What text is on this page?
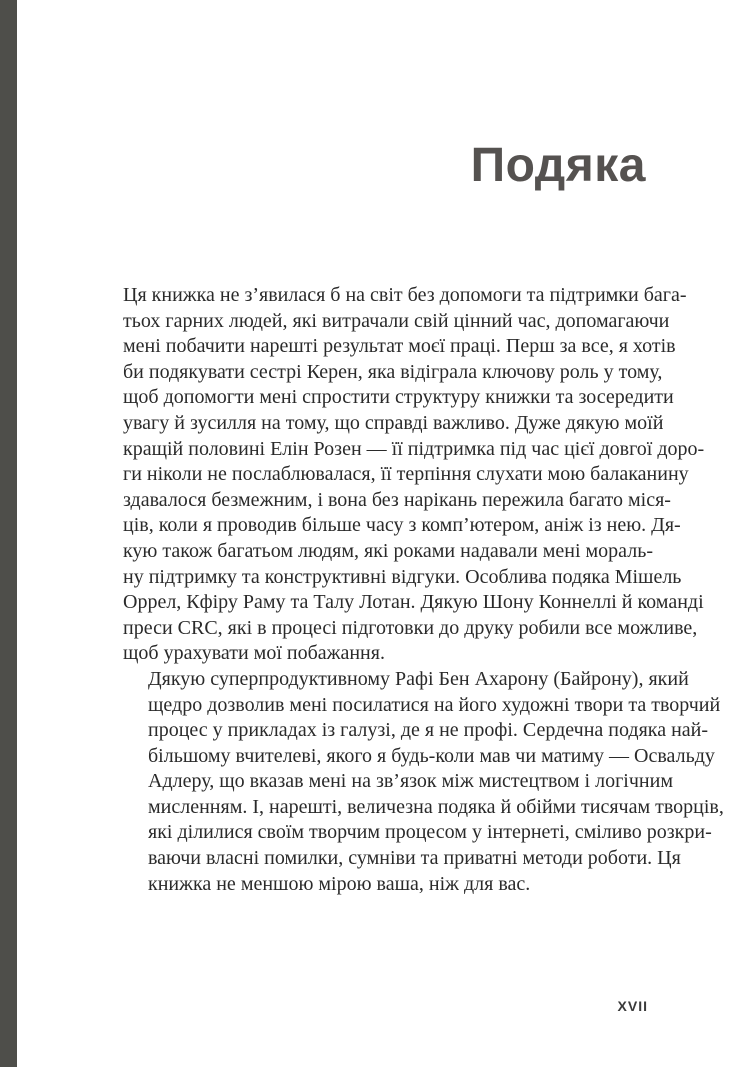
Подяка

Ця книжка не з’явилася б на світ без допомоги та підтримки бага-
тьох гарних людей, які витрачали свій цінний час, допомагаючи
мені побачити нарешті результат моєї праці. Перш за все, я хотів
би подякувати сестрі Керен, яка відіграла ключову роль у тому,
щоб допомогти мені спростити структуру книжки та зосередити
увагу й зусилля на тому, що справді важливо. Дуже дякую моїй
кращій половині Елін Розен — її підтримка під час цієї довгої доро-
ги ніколи не послаблювалася, її терпіння слухати мою балаканину
здавалося безмежним, і вона без нарікань пережила багато міся-
ців, коли я проводив більше часу з комп’ютером, аніж із нею. Дя-
кую також багатьом людям, які роками надавали мені мораль-
ну підтримку та конструктивні відгуки. Особлива подяка Мішель
Оррел, Кфіру Раму та Талу Лотан. Дякую Шону Коннеллі й команді
преси CRC, які в процесі підготовки до друку робили все можливе,
щоб урахувати мої побажання.

Дякую суперпродуктивному Рафі Бен Ахарону (Байрону), який
щедро дозволив мені посилатися на його художні твори та творчий
процес у прикладах із галузі, де я не профі. Сердечна подяка най-
більшому вчителеві, якого я будь-коли мав чи матиму — Освальду
Адлеру, що вказав мені на зв’язок між мистецтвом і логічним
мисленням. І, нарешті, величезна подяка й обійми тисячам творців,
які ділилися своїм творчим процесом у інтернеті, сміливо розкри-
ваючи власні помилки, сумніви та приватні методи роботи. Ця
книжка не меншою мірою ваша, ніж для вас.

XVII
